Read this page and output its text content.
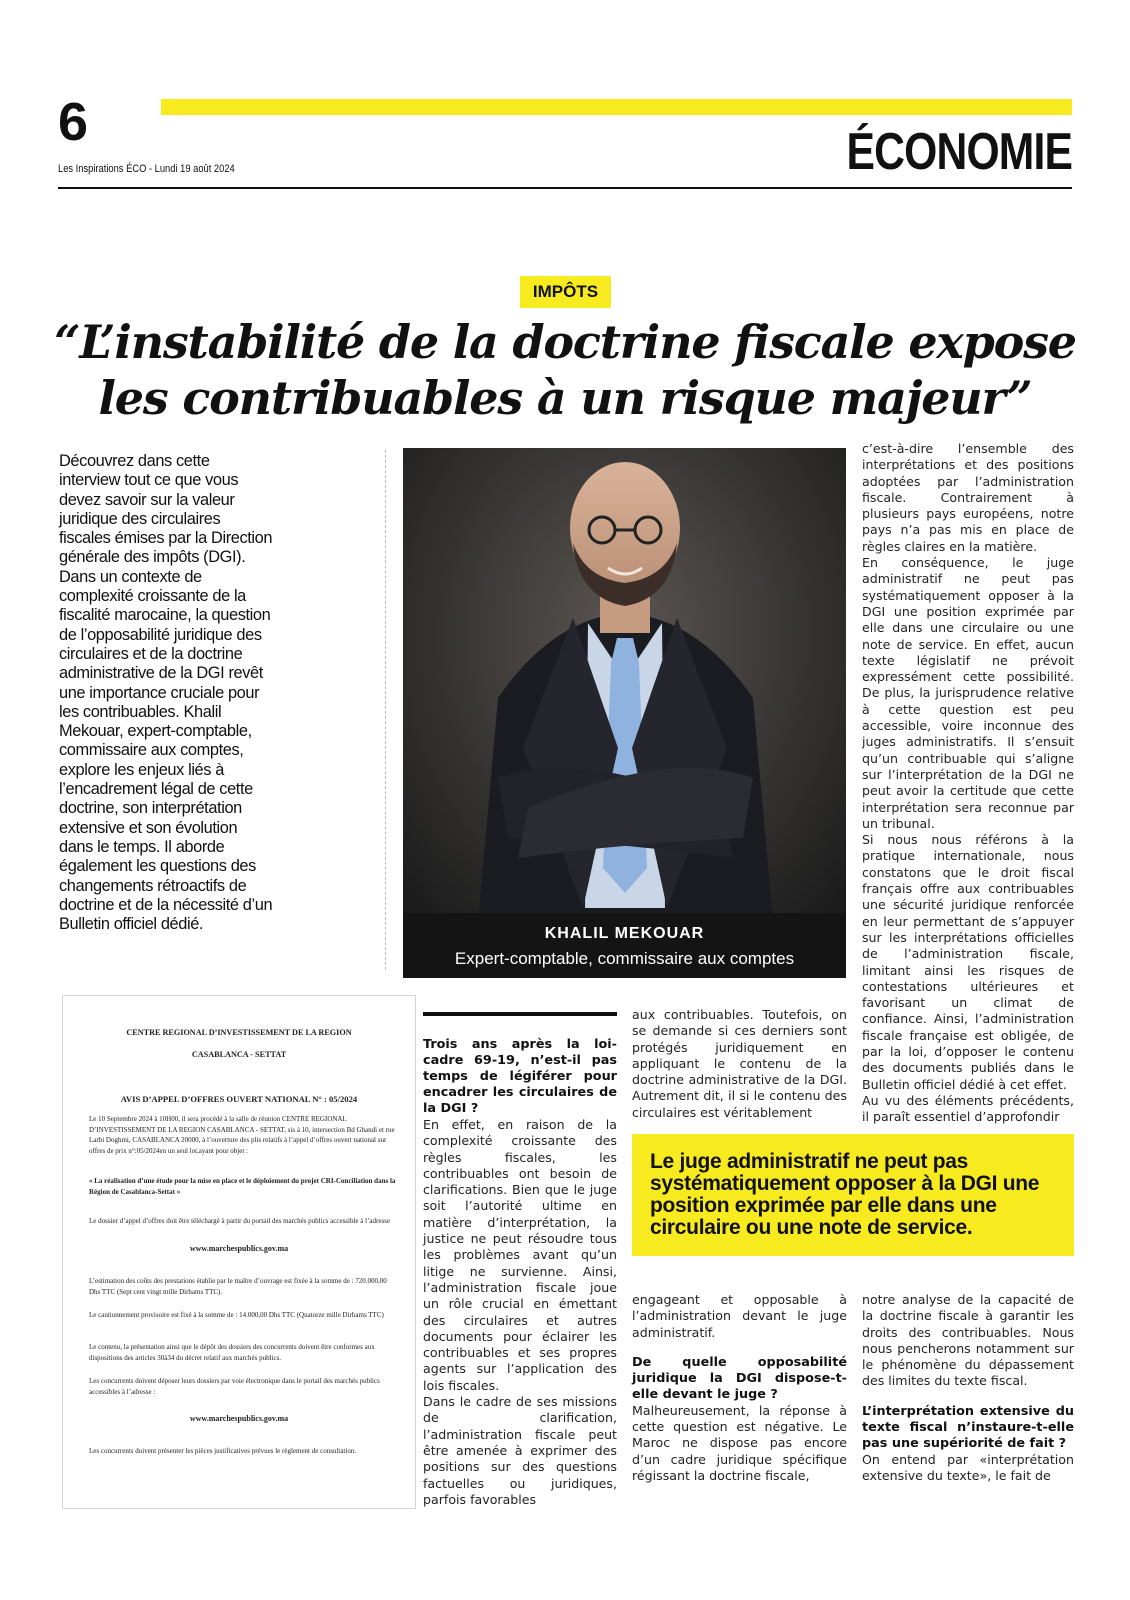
6	ÉCONOMIE
Les Inspirations ÉCO - Lundi 19 août 2024
IMPÔTS
“L’instabilité de la doctrine fiscale expose
les contribuables à un risque majeur”
Découvrez dans cette interview tout ce que vous devez savoir sur la valeur juridique des circulaires fiscales émises par la Direction générale des impôts (DGI). Dans un contexte de complexité croissante de la fiscalité marocaine, la question de l’opposabilité juridique des circulaires et de la doctrine administrative de la DGI revêt une importance cruciale pour les contribuables. Khalil Mekouar, expert-comptable, commissaire aux comptes, explore les enjeux liés à l’encadrement légal de cette doctrine, son interprétation extensive et son évolution dans le temps. Il aborde également les questions des changements rétroactifs de doctrine et de la nécessité d’un Bulletin officiel dédié.
KHALIL MEKOUAR
Expert-comptable, commissaire aux comptes

c’est-à-dire l’ensemble des interprétations et des positions adoptées par l’administration fiscale. Contrairement à plusieurs pays européens, notre pays n’a pas mis en place de règles claires en la matière.

En conséquence, le juge administratif ne peut pas systématiquement opposer à la DGI une position exprimée par elle dans une circulaire ou une note de service. En effet, aucun texte législatif ne prévoit expressément cette possibilité. De plus, la jurisprudence relative à cette question est peu accessible, voire inconnue des juges administratifs. Il s’ensuit qu’un contribuable qui s’aligne sur l’interprétation de la DGI ne peut avoir la certitude que cette interprétation sera reconnue par un tribunal.

Si nous nous référons à la pratique internationale, nous constatons que le droit fiscal français offre aux contribuables une sécurité juridique renforcée en leur permettant de s’appuyer sur les interprétations officielles de l’administration fiscale, limitant ainsi les risques de contestations ultérieures et favorisant un climat de confiance. Ainsi, l’administration fiscale française est obligée, de par la loi, d’opposer le contenu des documents publiés dans le Bulletin officiel dédié à cet effet.

Au vu des éléments précédents, il paraît essentiel d’approfondir

Trois ans après la loi-cadre 69-19, n’est-il pas temps de légiférer pour encadrer les circulaires de la DGI ?

En effet, en raison de la complexité croissante des règles fiscales, les contribuables ont besoin de clarifications. Bien que le juge soit l’autorité ultime en matière d’interprétation, la justice ne peut résoudre tous les problèmes avant qu’un litige ne survienne. Ainsi, l’administration fiscale joue un rôle crucial en émettant des circulaires et autres documents pour éclairer les contribuables et ses propres agents sur l’application des lois fiscales.

Dans le cadre de ses missions de clarification, l’administration fiscale peut être amenée à exprimer des positions sur des questions factuelles ou juridiques, parfois favorables

aux contribuables. Toutefois, on se demande si ces derniers sont protégés juridiquement en appliquant le contenu de la doctrine administrative de la DGI. Autrement dit, il si le contenu des circulaires est véritablement

Le juge administratif ne peut pas systématiquement opposer à la DGI une position exprimée par elle dans une circulaire ou une note de service.

engageant et opposable à l’administration devant le juge administratif.

De quelle opposabilité juridique la DGI dispose-t-elle devant le juge ?

Malheureusement, la réponse à cette question est négative. Le Maroc ne dispose pas encore d’un cadre juridique spécifique régissant la doctrine fiscale,

notre analyse de la capacité de la doctrine fiscale à garantir les droits des contribuables. Nous nous pencherons notamment sur le phénomène du dépassement des limites du texte fiscal.

L’interprétation extensive du texte fiscal n’instaure-t-elle pas une supériorité de fait ?

On entend par «interprétation extensive du texte», le fait de

CENTRE REGIONAL D’INVESTISSEMENT DE LA REGION
CASABLANCA - SETTAT
AVIS D’APPEL D’OFFRES OUVERT NATIONAL N° : 05/2024
Le 10 Septembre 2024 à 10H00, il sera procédé à la salle de réunion CENTRE REGIONAL D’INVESTISSEMENT DE LA REGION CASABLANCA - SETTAT, sis à 10, intersection Bd Ghandi et rue Larbi Doghmi, CASABLANCA 20000, à l’ouverture des plis relatifs à l’appel d’offres ouvert national sur offres de prix n°:05/2024en un seul lot,ayant pour objet :
« La réalisation d’une étude pour la mise en place et le déploiement du projet CRI-Conciliation dans la Région de Casablanca-Settat »
Le dossier d’appel d’offres doit être téléchargé à partir du portail des marchés publics accessible à l’adresse
www.marchespublics.gov.ma
L’estimation des coûts des prestations établie par le maître d’ouvrage est fixée à la somme de : 720.000,00 Dhs TTC (Sept cent vingt mille Dirhams TTC).
Le cautionnement provisoire est fixé à la somme de : 14.000,00 Dhs TTC (Quatorze mille Dirhams TTC)
Le contenu, la présentation ainsi que le dépôt des dossiers des concurrents doivent être conformes aux dispositions des articles 30à34 du décret relatif aux marchés publics.
Les concurrents doivent déposer leurs dossiers par voie électronique dans le portail des marchés publics accessibles à l’adresse :
www.marchespublics.gov.ma
Les concurrents doivent présenter les pièces justificatives prévues le règlement de consultation.
